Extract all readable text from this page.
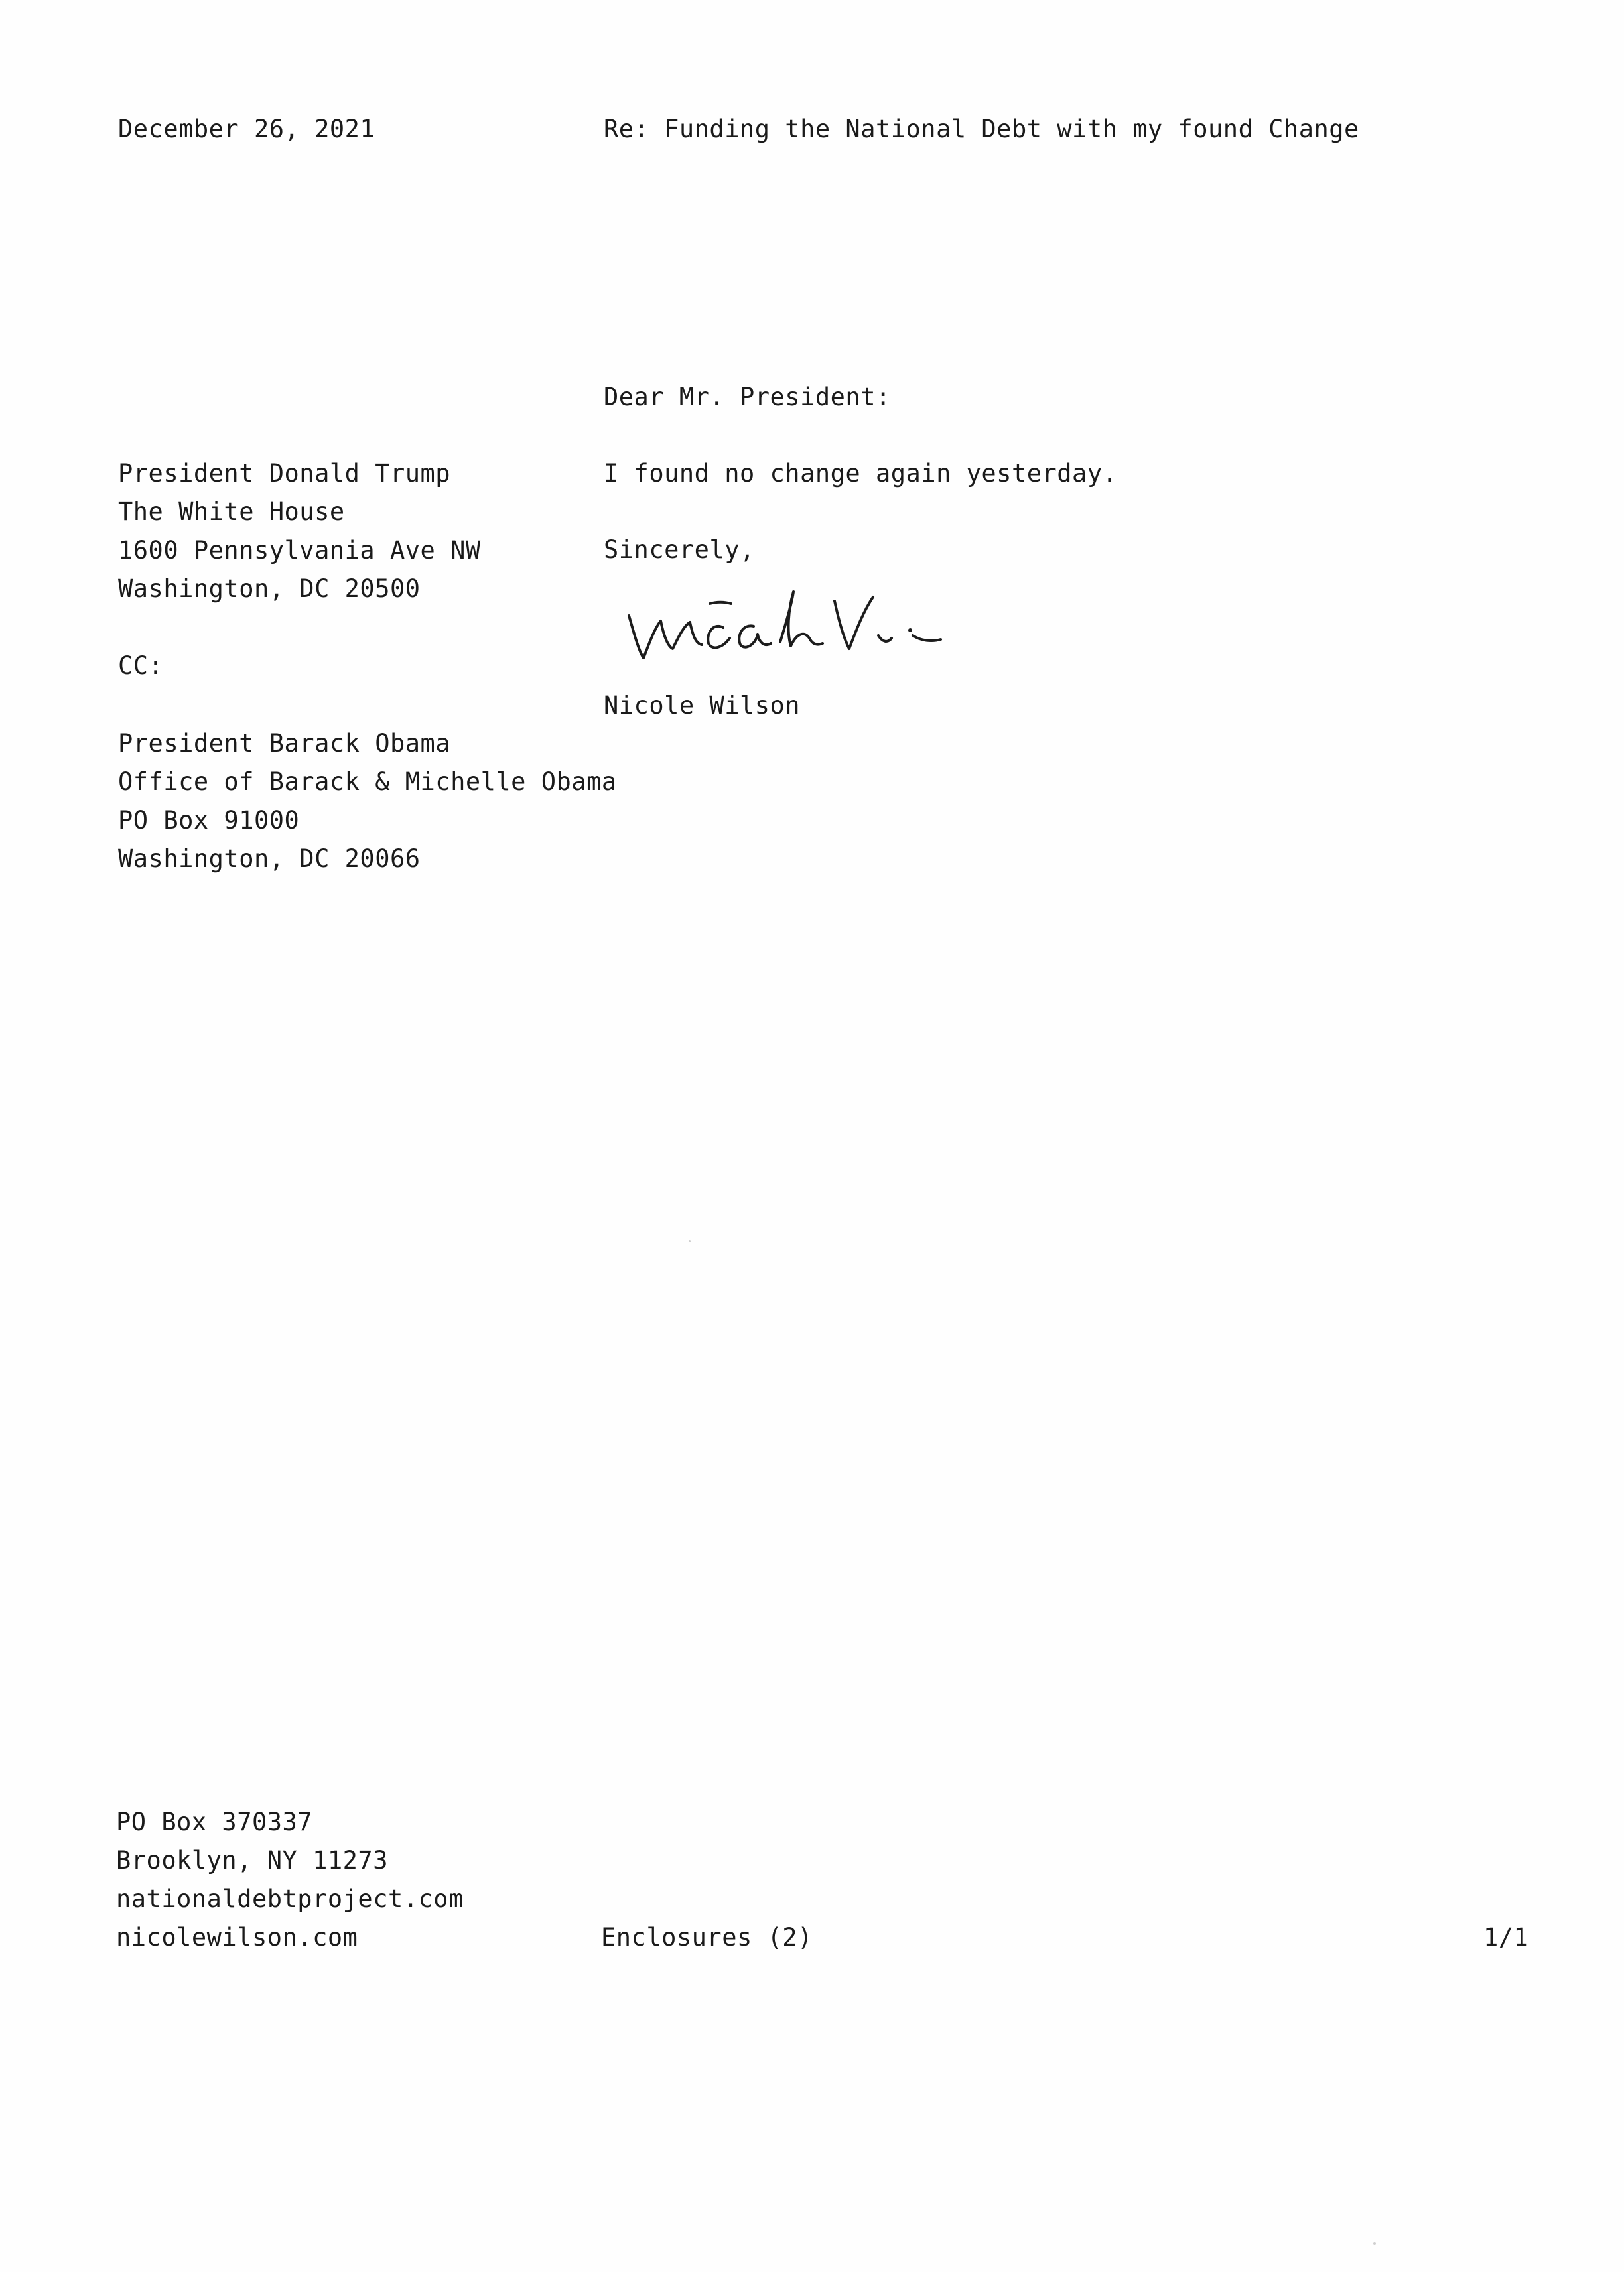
December 26, 2021	Re: Funding the National Debt with my found Change
Dear Mr. President:
President Donald Trump
The White House
1600 Pennsylvania Ave NW
Washington, DC 20500
I found no change again yesterday.
Sincerely,
Nicole Wilson
CC:
President Barack Obama
Office of Barack & Michelle Obama
PO Box 91000
Washington, DC 20066
PO Box 370337
Brooklyn, NY 11273
nationaldebtproject.com
nicolewilson.com	Enclosures (2)	1/1
